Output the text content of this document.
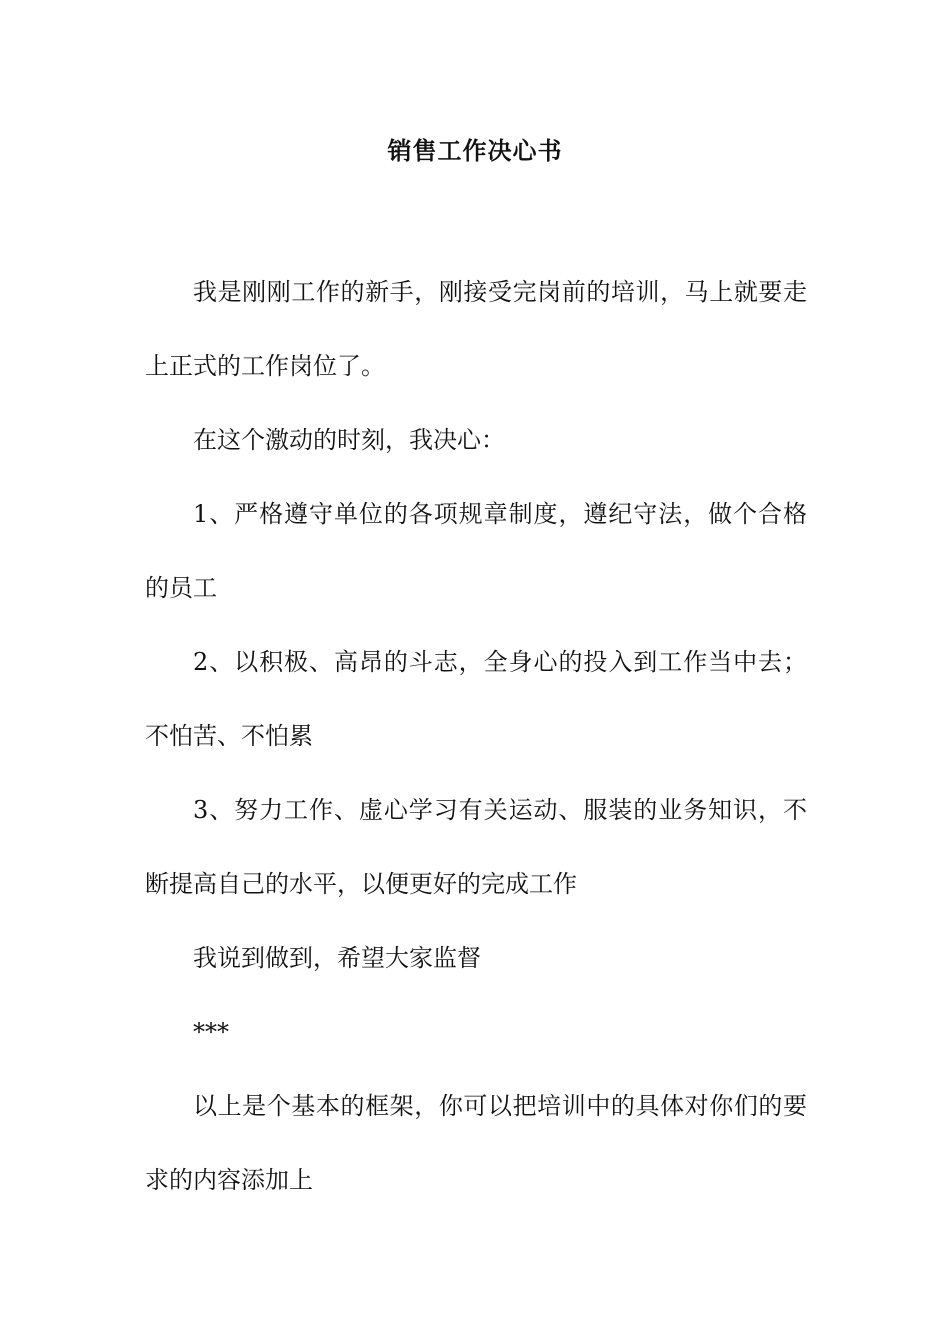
销售工作决心书

我是刚刚工作的新手，刚接受完岗前的培训，马上就要走上正式的工作岗位了。

在这个激动的时刻，我决心：

1、严格遵守单位的各项规章制度，遵纪守法，做个合格的员工

2、以积极、高昂的斗志，全身心的投入到工作当中去；不怕苦、不怕累

3、努力工作、虚心学习有关运动、服装的业务知识，不断提高自己的水平，以便更好的完成工作

我说到做到，希望大家监督

***

以上是个基本的框架，你可以把培训中的具体对你们的要求的内容添加上
